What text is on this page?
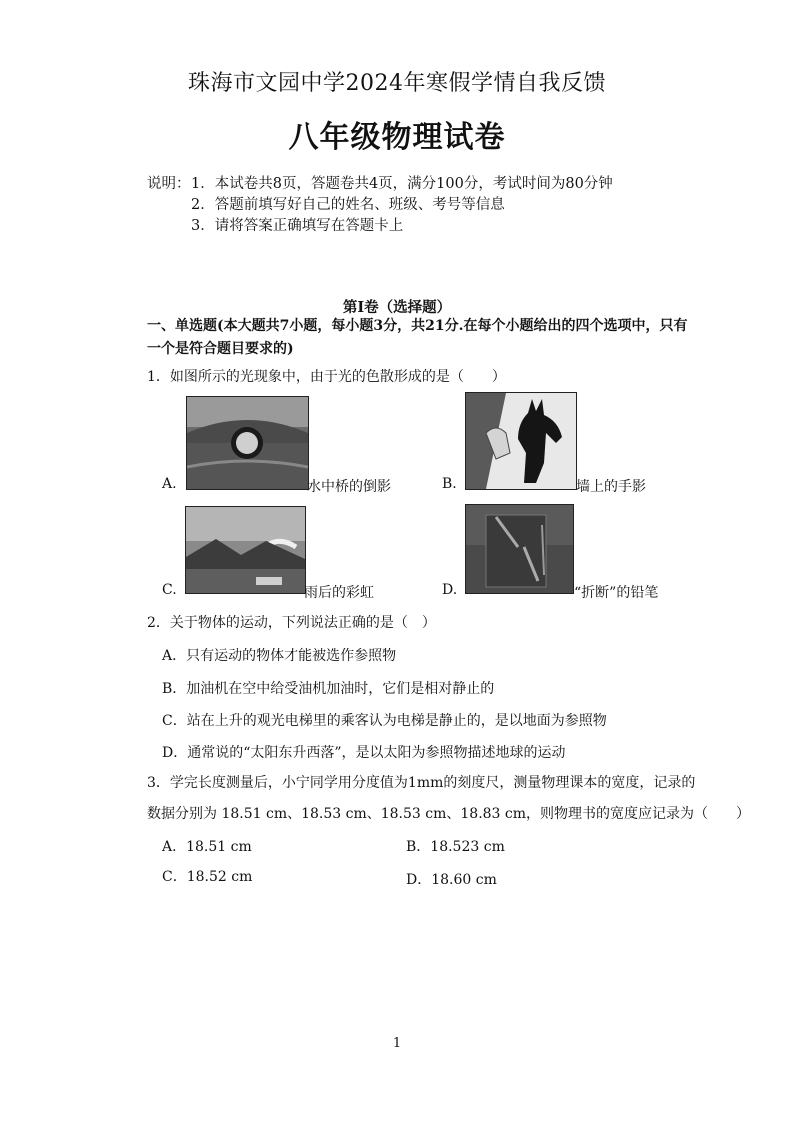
珠海市文园中学2024年寒假学情自我反馈
八年级物理试卷
说明： 1．本试卷共8页，答题卷共4页，满分100分，考试时间为80分钟
2．答题前填写好自己的姓名、班级、考号等信息
3．请将答案正确填写在答题卡上
第Ⅰ卷（选择题）
一、单选题(本大题共7小题，每小题3分，共21分.在每个小题给出的四个选项中，只有
一个是符合题目要求的)
1．如图所示的光现象中，由于光的色散形成的是（　　）
A.	水中桥的倒影	B.	墙上的手影
C.	雨后的彩虹	D.	“折断”的铅笔
2．关于物体的运动，下列说法正确的是（　）
A．只有运动的物体才能被选作参照物
B．加油机在空中给受油机加油时，它们是相对静止的
C．站在上升的观光电梯里的乘客认为电梯是静止的，是以地面为参照物
D．通常说的“太阳东升西落”，是以太阳为参照物描述地球的运动
3．学完长度测量后，小宁同学用分度值为1mm的刻度尺，测量物理课本的宽度，记录的
数据分别为 18.51 cm、18.53 cm、18.53 cm、18.83 cm，则物理书的宽度应记录为（　　）
A．18.51 cm	B．18.523 cm
C．18.52 cm	D．18.60 cm
1
